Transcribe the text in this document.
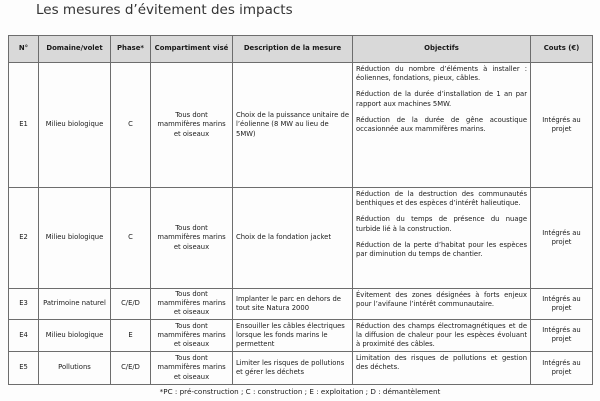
Les mesures d’évitement des impacts
N°	Domaine/volet	Phase*	Compartiment visé	Description de la mesure	Objectifs	Couts (€)
E1	Milieu biologique	C	Tous dont mammifères marins et oiseaux	Choix de la puissance unitaire de l’éolienne (8 MW au lieu de 5MW)	Réduction du nombre d’éléments à installer : éoliennes, fondations, pieux, câbles.

Réduction de la durée d’installation de 1 an par rapport aux machines 5MW.

Réduction de la durée de gêne acoustique occasionnée aux mammifères marins.	Intégrés au projet
E2	Milieu biologique	C	Tous dont mammifères marins et oiseaux	Choix de la fondation jacket	Réduction de la destruction des communautés benthiques et des espèces d’intérêt halieutique.

Réduction du temps de présence du nuage turbide lié à la construction.

Réduction de la perte d’habitat pour les espèces par diminution du temps de chantier.	Intégrés au projet
E3	Patrimoine naturel	C/E/D	Tous dont mammifères marins et oiseaux	Implanter le parc en dehors de tout site Natura 2000	Évitement des zones désignées à forts enjeux pour l’avifaune l’intérêt communautaire.	Intégrés au projet
E4	Milieu biologique	E	Tous dont mammifères marins et oiseaux	Ensouiller les câbles électriques lorsque les fonds marins le permettent	Réduction des champs électromagnétiques et de la diffusion de chaleur pour les espèces évoluant à proximité des câbles.	Intégrés au projet
E5	Pollutions	C/E/D	Tous dont mammifères marins et oiseaux	Limiter les risques de pollutions et gérer les déchets	Limitation des risques de pollutions et gestion des déchets.	Intégrés au projet
*PC : pré-construction ; C : construction ; E : exploitation ; D : démantèlement
